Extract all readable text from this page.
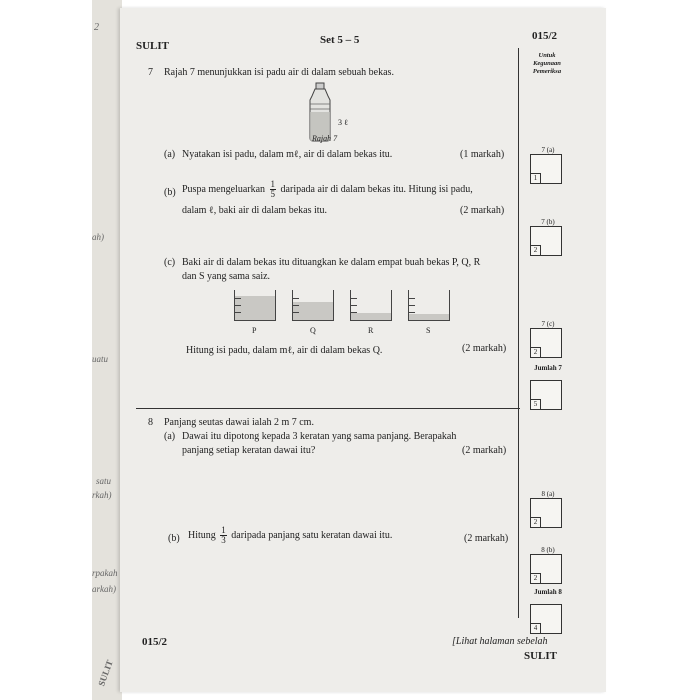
2
ah)
uatu
satu
rkah)
rpakah
arkah)
SULIT
SULIT	Set 5 – 5	015/2
Untuk
Kegunaan
Pemeriksa
7 Rajah 7 menunjukkan isi padu air di dalam sebuah bekas.
3 ℓ
Rajah 7
(a) Nyatakan isi padu, dalam mℓ, air di dalam bekas itu.	(1 markah)
(b) Puspa mengeluarkan $\frac{1}{5}$ daripada air di dalam bekas itu. Hitung isi padu,
dalam ℓ, baki air di dalam bekas itu.	(2 markah)
(c) Baki air di dalam bekas itu dituangkan ke dalam empat buah bekas P, Q, R
dan S yang sama saiz.
P	Q	R	S
Hitung isi padu, dalam mℓ, air di dalam bekas Q.	(2 markah)
8 Panjang seutas dawai ialah 2 m 7 cm.
(a) Dawai itu dipotong kepada 3 keratan yang sama panjang. Berapakah
panjang setiap keratan dawai itu?	(2 markah)
(b) Hitung $\frac{1}{3}$ daripada panjang satu keratan dawai itu.	(2 markah)
7 (a)
1
7 (b)
2
7 (c)
2
Jumlah 7
5
8 (a)
2
8 (b)
2
Jumlah 8
4
015/2	[Lihat halaman sebelah
SULIT
